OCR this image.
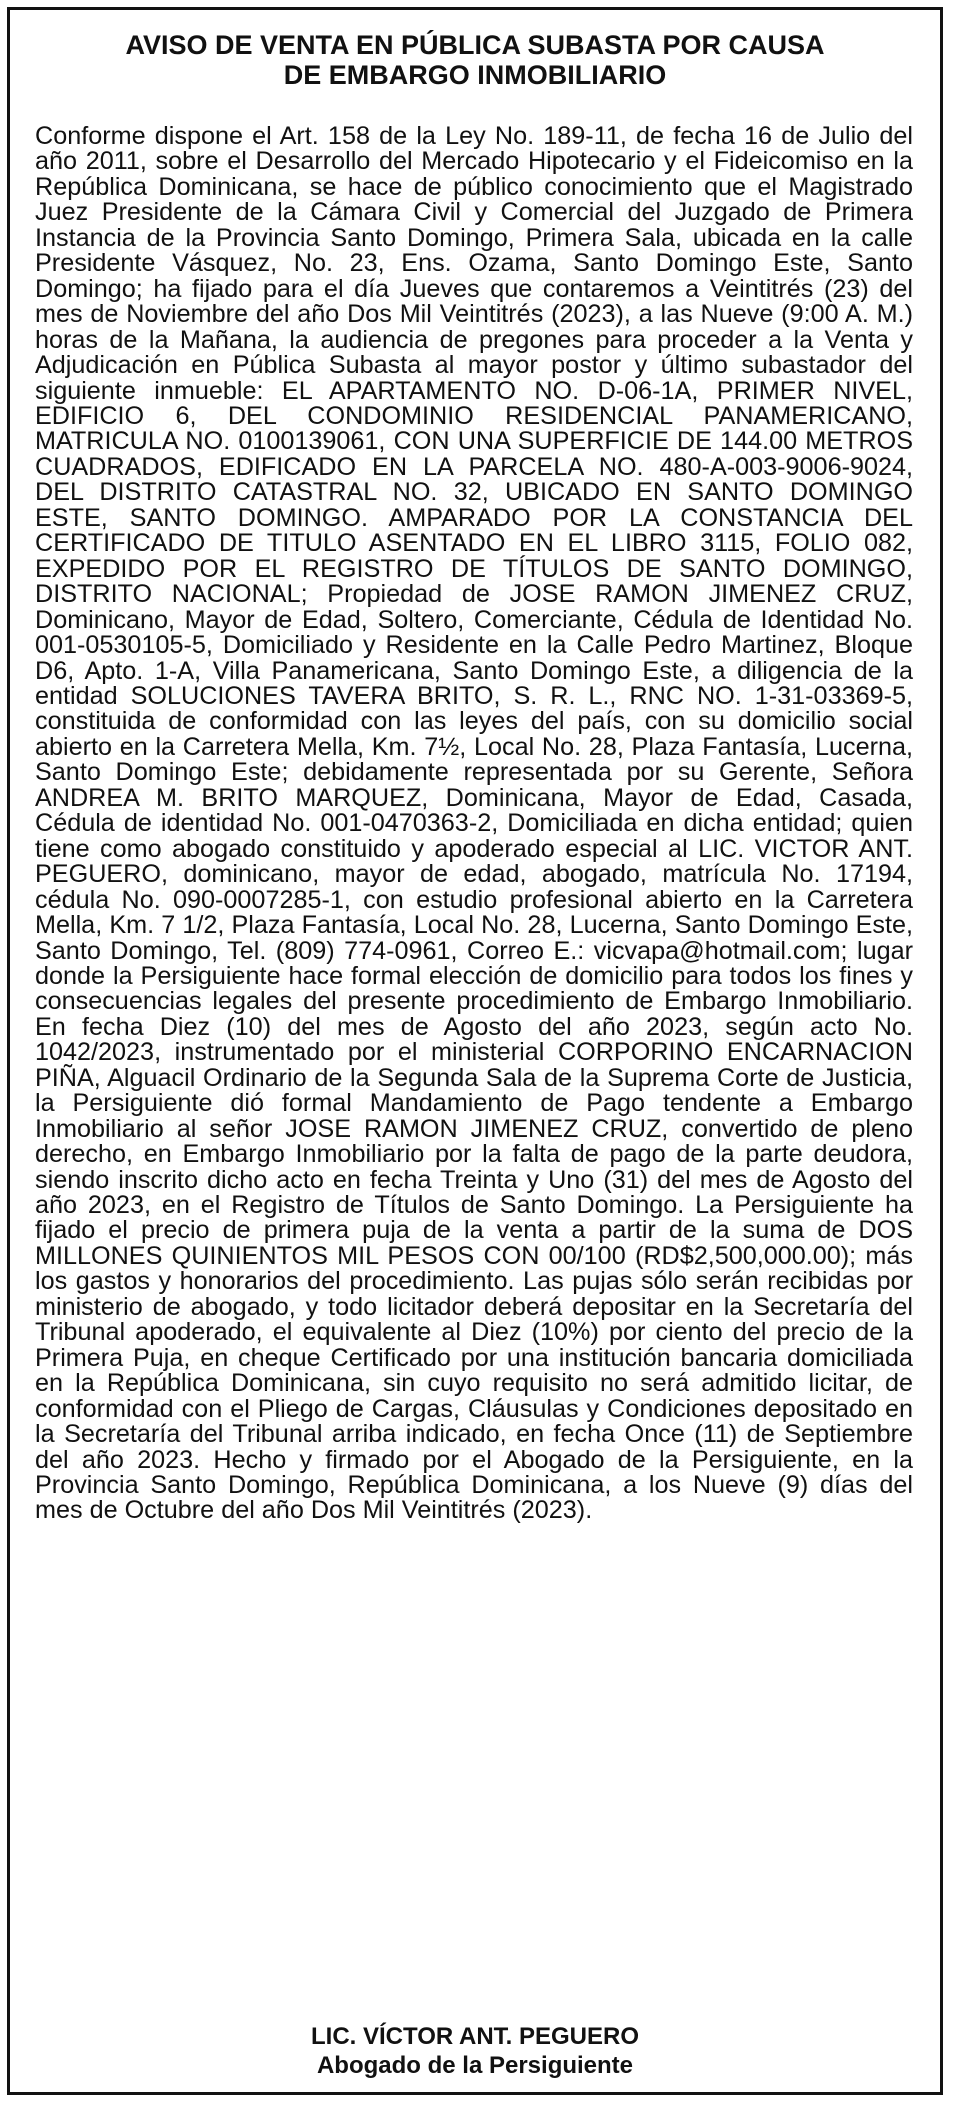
AVISO DE VENTA EN PÚBLICA SUBASTA POR CAUSA
DE EMBARGO INMOBILIARIO

Conforme dispone el Art. 158 de la Ley No. 189-11, de fecha 16 de Julio del año 2011, sobre el Desarrollo del Mercado Hipotecario y el Fideicomiso en la República Dominicana, se hace de público conocimiento que el Magistrado Juez Presidente de la Cámara Civil y Comercial del Juzgado de Primera Instancia de la Provincia Santo Domingo, Primera Sala, ubicada en la calle Presidente Vásquez, No. 23, Ens. Ozama, Santo Domingo Este, Santo Domingo; ha fijado para el día Jueves que contaremos a Veintitrés (23) del mes de Noviembre del año Dos Mil Veintitrés (2023), a las Nueve (9:00 A. M.) horas de la Mañana, la audiencia de pregones para proceder a la Venta y Adjudicación en Pública Subasta al mayor postor y último subastador del siguiente inmueble: EL APARTAMENTO NO. D-06-1A, PRIMER NIVEL, EDIFICIO 6, DEL CONDOMINIO RESIDENCIAL PANAMERICANO, MATRICULA NO. 0100139061, CON UNA SUPERFICIE DE 144.00 METROS CUADRADOS, EDIFICADO EN LA PARCELA NO. 480-A-003-9006-9024, DEL DISTRITO CATASTRAL NO. 32, UBICADO EN SANTO DOMINGO ESTE, SANTO DOMINGO. AMPARADO POR LA CONSTANCIA DEL CERTIFICADO DE TITULO ASENTADO EN EL LIBRO 3115, FOLIO 082, EXPEDIDO POR EL REGISTRO DE TÍTULOS DE SANTO DOMINGO, DISTRITO NACIONAL; Propiedad de JOSE RAMON JIMENEZ CRUZ, Dominicano, Mayor de Edad, Soltero, Comerciante, Cédula de Identidad No. 001-0530105-5, Domiciliado y Residente en la Calle Pedro Martinez, Bloque D6, Apto. 1-A, Villa Panamericana, Santo Domingo Este, a diligencia de la entidad SOLUCIONES TAVERA BRITO, S. R. L., RNC NO. 1-31-03369-5, constituida de conformidad con las leyes del país, con su domicilio social abierto en la Carretera Mella, Km. 7½, Local No. 28, Plaza Fantasía, Lucerna, Santo Domingo Este; debidamente representada por su Gerente, Señora ANDREA M. BRITO MARQUEZ, Dominicana, Mayor de Edad, Casada, Cédula de identidad No. 001-0470363-2, Domiciliada en dicha entidad; quien tiene como abogado constituido y apoderado especial al LIC. VICTOR ANT. PEGUERO, dominicano, mayor de edad, abogado, matrícula No. 17194, cédula No. 090-0007285-1, con estudio profesional abierto en la Carretera Mella, Km. 7 1/2, Plaza Fantasía, Local No. 28, Lucerna, Santo Domingo Este, Santo Domingo, Tel. (809) 774-0961, Correo E.: vicvapa@hotmail.com; lugar donde la Persiguiente hace formal elección de domicilio para todos los fines y consecuencias legales del presente procedimiento de Embargo Inmobiliario. En fecha Diez (10) del mes de Agosto del año 2023, según acto No. 1042/2023, instrumentado por el ministerial CORPORINO ENCARNACION PIÑA, Alguacil Ordinario de la Segunda Sala de la Suprema Corte de Justicia, la Persiguiente dió formal Mandamiento de Pago tendente a Embargo Inmobiliario al señor JOSE RAMON JIMENEZ CRUZ, convertido de pleno derecho, en Embargo Inmobiliario por la falta de pago de la parte deudora, siendo inscrito dicho acto en fecha Treinta y Uno (31) del mes de Agosto del año 2023, en el Registro de Títulos de Santo Domingo. La Persiguiente ha fijado el precio de primera puja de la venta a partir de la suma de DOS MILLONES QUINIENTOS MIL PESOS CON 00/100 (RD$2,500,000.00); más los gastos y honorarios del procedimiento. Las pujas sólo serán recibidas por ministerio de abogado, y todo licitador deberá depositar en la Secretaría del Tribunal apoderado, el equivalente al Diez (10%) por ciento del precio de la Primera Puja, en cheque Certificado por una institución bancaria domiciliada en la República Dominicana, sin cuyo requisito no será admitido licitar, de conformidad con el Pliego de Cargas, Cláusulas y Condiciones depositado en la Secretaría del Tribunal arriba indicado, en fecha Once (11) de Septiembre del año 2023. Hecho y firmado por el Abogado de la Persiguiente, en la Provincia Santo Domingo, República Dominicana, a los Nueve (9) días del mes de Octubre del año Dos Mil Veintitrés (2023).

LIC. VÍCTOR ANT. PEGUERO
Abogado de la Persiguiente
